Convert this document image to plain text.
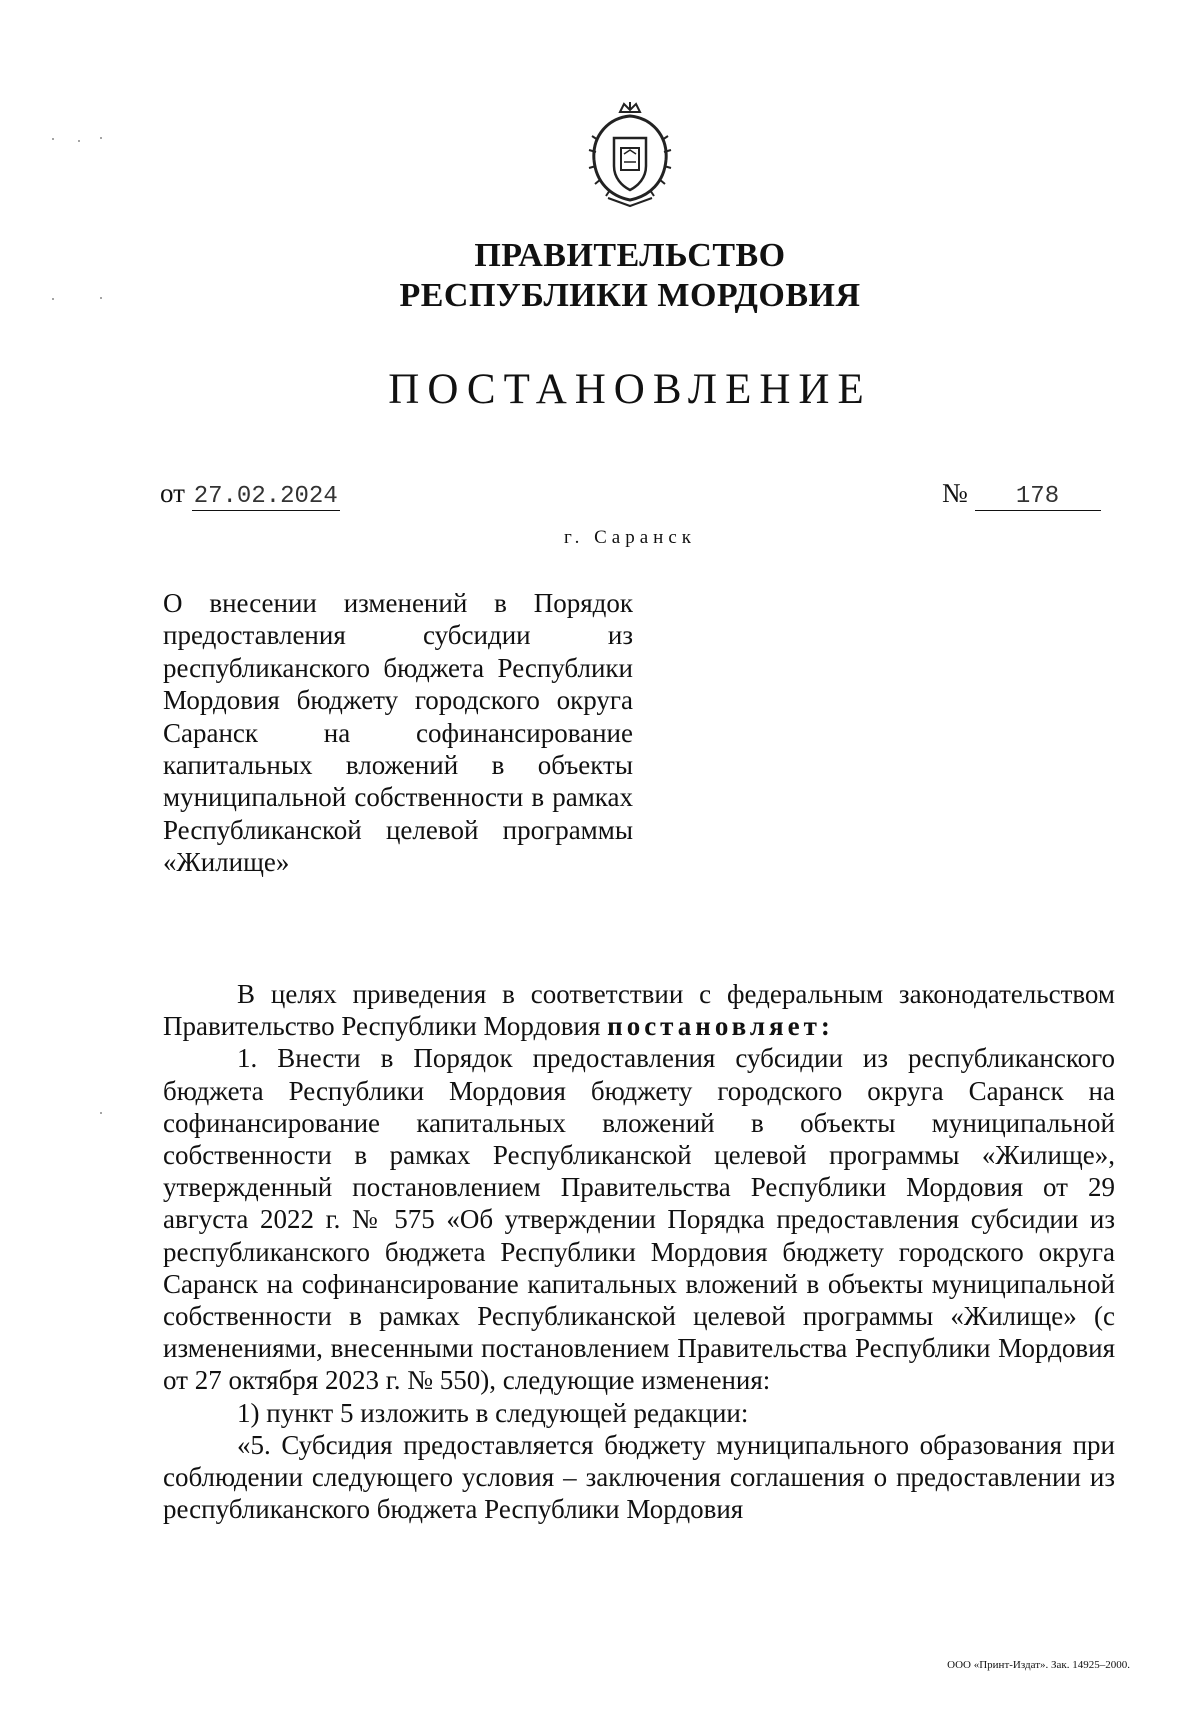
ПРАВИТЕЛЬСТВО
РЕСПУБЛИКИ МОРДОВИЯ
ПОСТАНОВЛЕНИЕ
от 27.02.2024	№ 178
г. Саранск
О внесении изменений в Порядок предоставления субсидии из республиканского бюджета Республики Мордовия бюджету городского округа Саранск на софинансирование капитальных вложений в объекты муниципальной собственности в рамках Республиканской целевой программы «Жилище»

В целях приведения в соответствии с федеральным законодательством Правительство Республики Мордовия постановляет:

1. Внести в Порядок предоставления субсидии из республиканского бюджета Республики Мордовия бюджету городского округа Саранск на софинансирование капитальных вложений в объекты муниципальной собственности в рамках Республиканской целевой программы «Жилище», утвержденный постановлением Правительства Республики Мордовия от 29 августа 2022 г. № 575 «Об утверждении Порядка предоставления субсидии из республиканского бюджета Республики Мордовия бюджету городского округа Саранск на софинансирование капитальных вложений в объекты муниципальной собственности в рамках Республиканской целевой программы «Жилище» (с изменениями, внесенными постановлением Правительства Республики Мордовия от 27 октября 2023 г. № 550), следующие изменения:

1) пункт 5 изложить в следующей редакции:

«5. Субсидия предоставляется бюджету муниципального образования при соблюдении следующего условия – заключения соглашения о предоставлении из республиканского бюджета Республики Мордовия

ООО «Принт-Издат». Зак. 14925–2000.
